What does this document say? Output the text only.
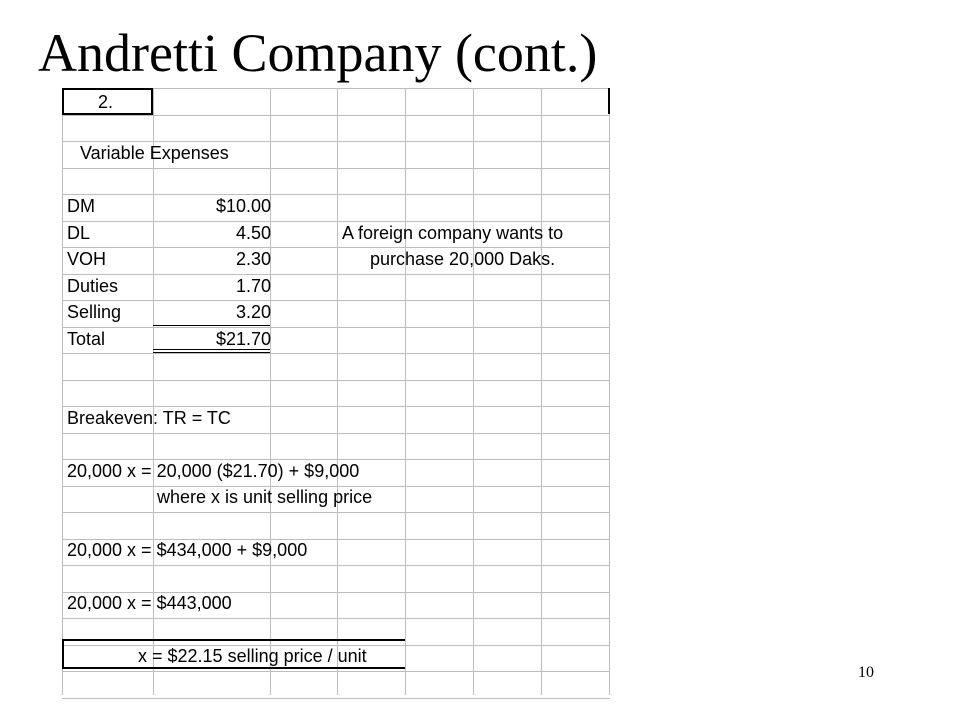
Andretti Company (cont.)
2.
Variable Expenses
DM	$10.00
DL	4.50
VOH	2.30
Duties	1.70
Selling	3.20
Total	$21.70
A foreign company wants to
purchase 20,000 Daks.
Breakeven: TR = TC
20,000 x = 20,000 ($21.70) + $9,000
where x is unit selling price
20,000 x = $434,000 + $9,000
20,000 x = $443,000
x = $22.15 selling price / unit
10
